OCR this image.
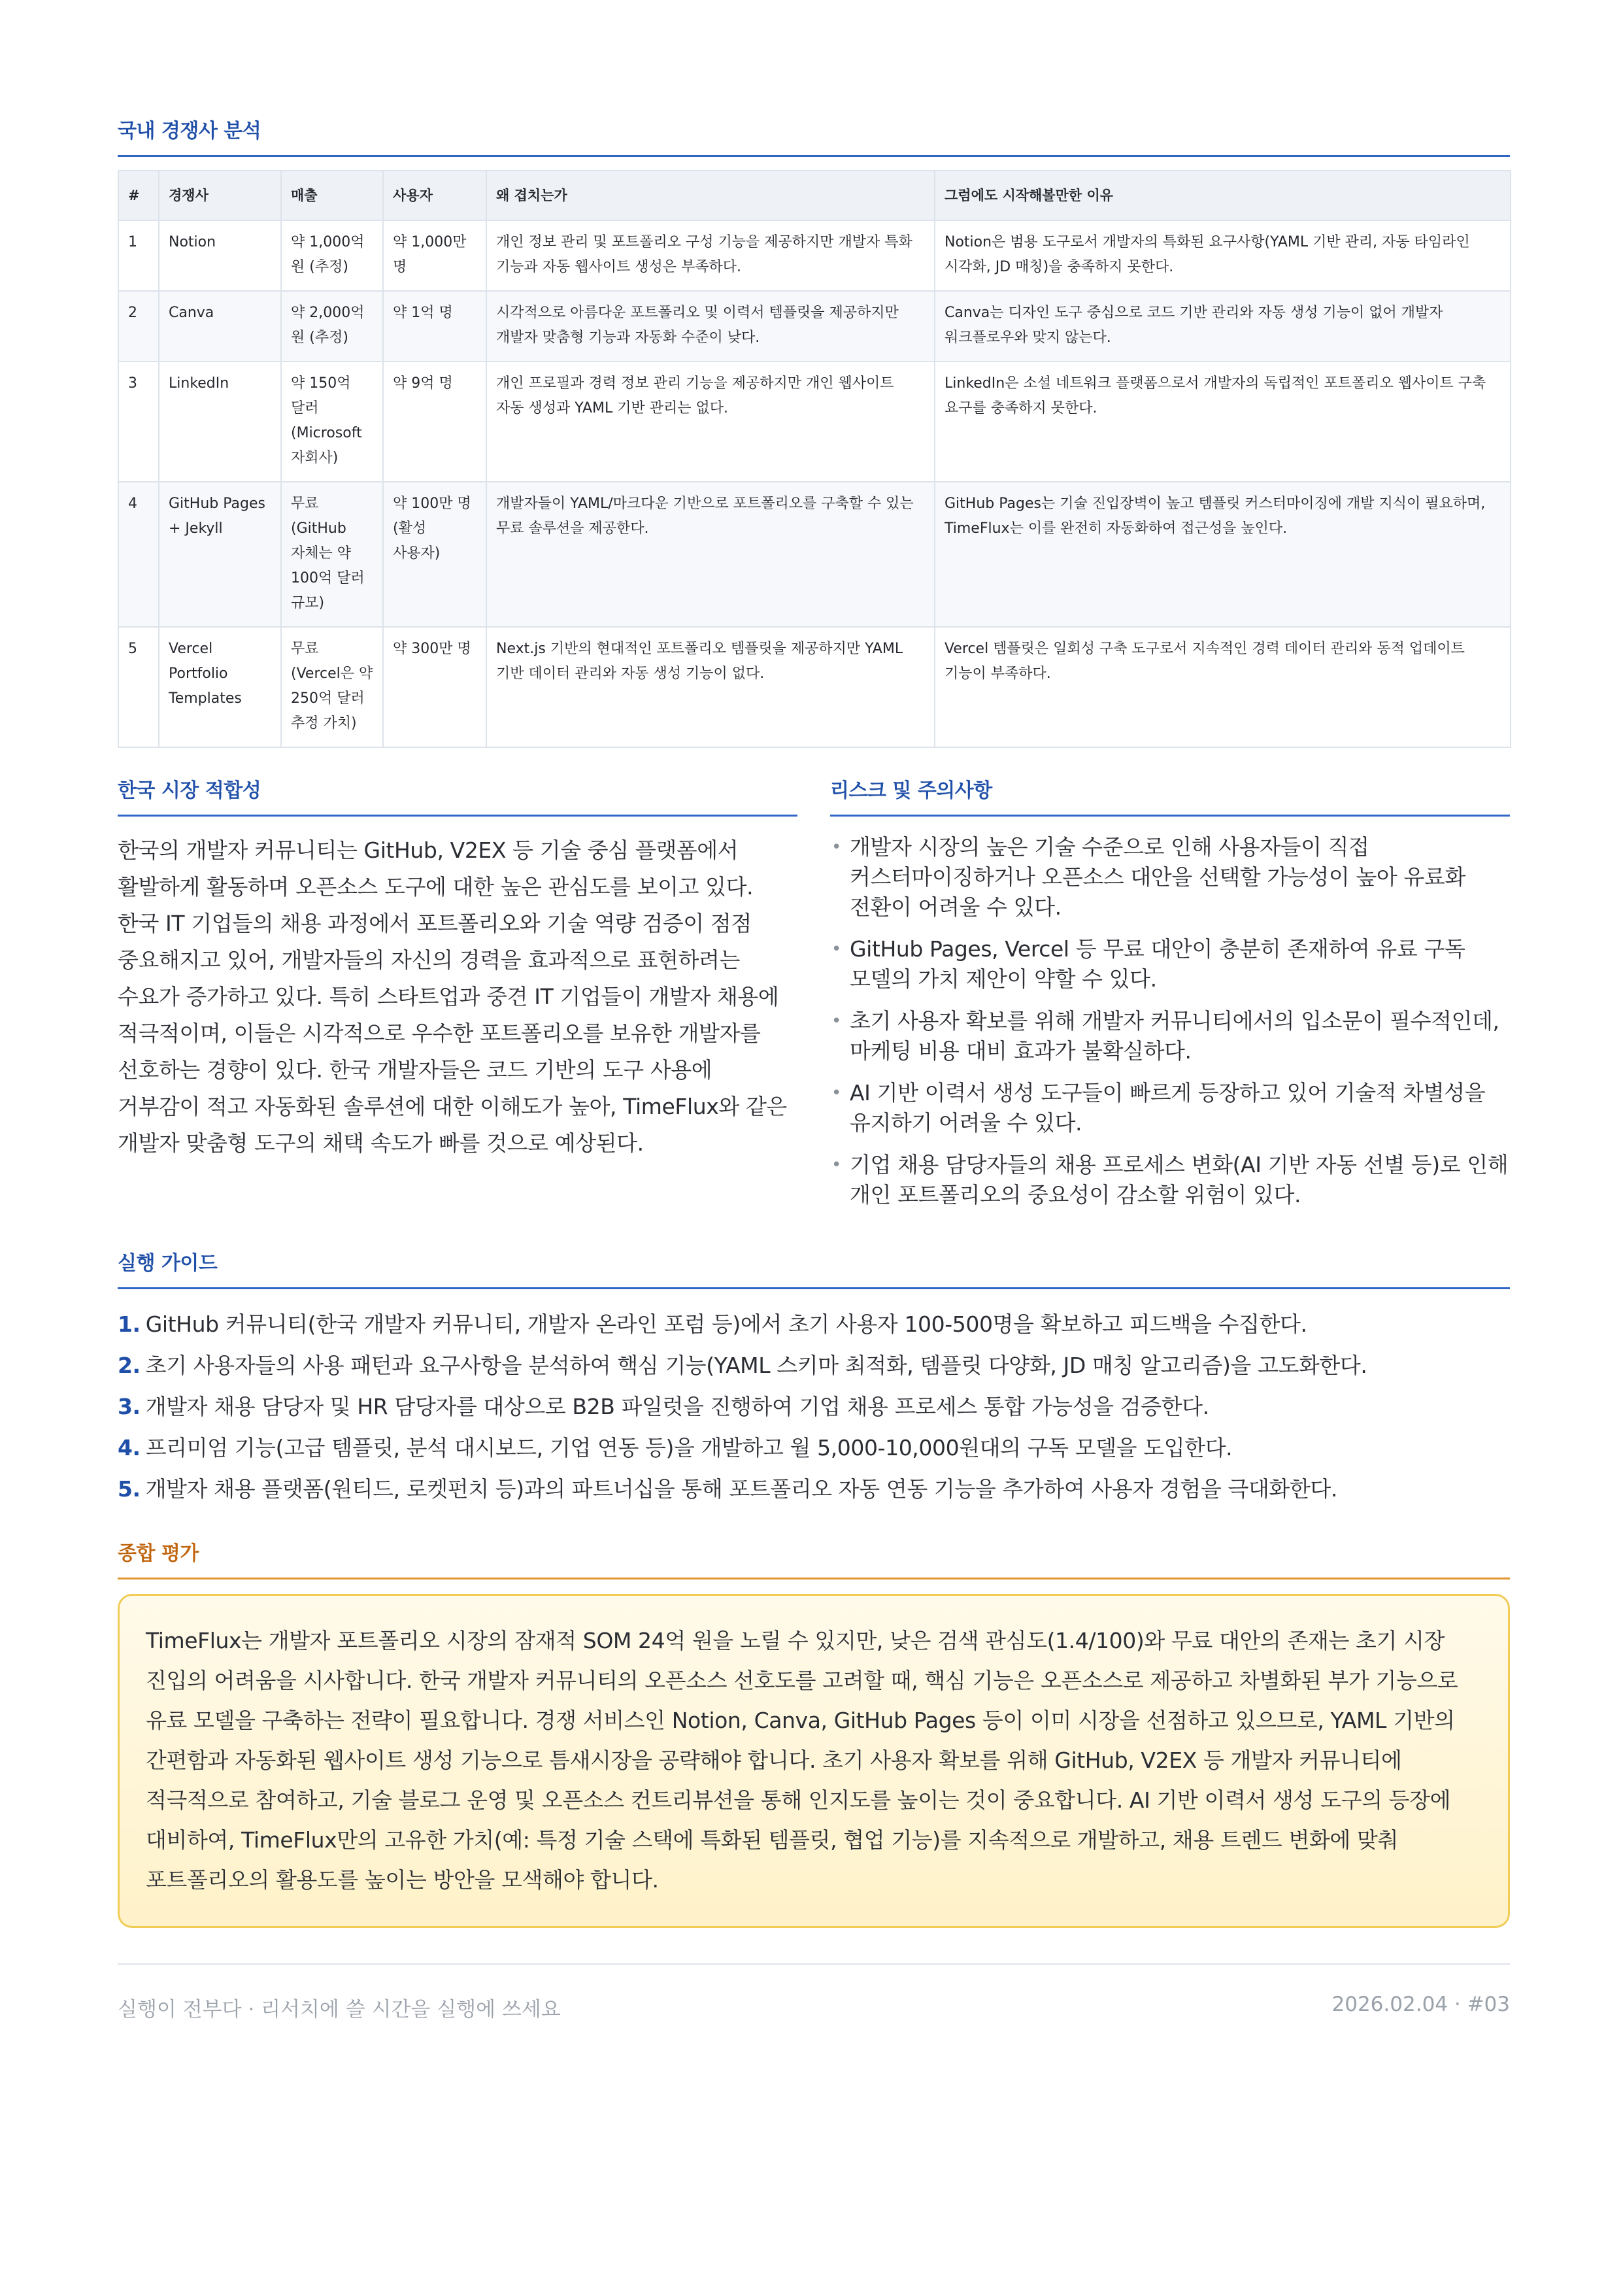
국내 경쟁사 분석
#	경쟁사	매출	사용자	왜 겹치는가	그럼에도 시작해볼만한 이유
1	Notion	약 1,000억 원 (추정)	약 1,000만 명	개인 정보 관리 및 포트폴리오 구성 기능을 제공하지만 개발자 특화 기능과 자동 웹사이트 생성은 부족하다.	Notion은 범용 도구로서 개발자의 특화된 요구사항(YAML 기반 관리, 자동 타임라인 시각화, JD 매칭)을 충족하지 못한다.
2	Canva	약 2,000억 원 (추정)	약 1억 명	시각적으로 아름다운 포트폴리오 및 이력서 템플릿을 제공하지만 개발자 맞춤형 기능과 자동화 수준이 낮다.	Canva는 디자인 도구 중심으로 코드 기반 관리와 자동 생성 기능이 없어 개발자 워크플로우와 맞지 않는다.
3	LinkedIn	약 150억 달러 (Microsoft 자회사)	약 9억 명	개인 프로필과 경력 정보 관리 기능을 제공하지만 개인 웹사이트 자동 생성과 YAML 기반 관리는 없다.	LinkedIn은 소셜 네트워크 플랫폼으로서 개발자의 독립적인 포트폴리오 웹사이트 구축 요구를 충족하지 못한다.
4	GitHub Pages + Jekyll	무료 (GitHub 자체는 약 100억 달러 규모)	약 100만 명 (활성 사용자)	개발자들이 YAML/마크다운 기반으로 포트폴리오를 구축할 수 있는 무료 솔루션을 제공한다.	GitHub Pages는 기술 진입장벽이 높고 템플릿 커스터마이징에 개발 지식이 필요하며, TimeFlux는 이를 완전히 자동화하여 접근성을 높인다.
5	Vercel Portfolio Templates	무료 (Vercel은 약 250억 달러 추정 가치)	약 300만 명	Next.js 기반의 현대적인 포트폴리오 템플릿을 제공하지만 YAML 기반 데이터 관리와 자동 생성 기능이 없다.	Vercel 템플릿은 일회성 구축 도구로서 지속적인 경력 데이터 관리와 동적 업데이트 기능이 부족하다.
한국 시장 적합성
한국의 개발자 커뮤니티는 GitHub, V2EX 등 기술 중심 플랫폼에서 활발하게 활동하며 오픈소스 도구에 대한 높은 관심도를 보이고 있다. 한국 IT 기업들의 채용 과정에서 포트폴리오와 기술 역량 검증이 점점 중요해지고 있어, 개발자들의 자신의 경력을 효과적으로 표현하려는 수요가 증가하고 있다. 특히 스타트업과 중견 IT 기업들이 개발자 채용에 적극적이며, 이들은 시각적으로 우수한 포트폴리오를 보유한 개발자를 선호하는 경향이 있다. 한국 개발자들은 코드 기반의 도구 사용에 거부감이 적고 자동화된 솔루션에 대한 이해도가 높아, TimeFlux와 같은 개발자 맞춤형 도구의 채택 속도가 빠를 것으로 예상된다.
리스크 및 주의사항
• 개발자 시장의 높은 기술 수준으로 인해 사용자들이 직접 커스터마이징하거나 오픈소스 대안을 선택할 가능성이 높아 유료화 전환이 어려울 수 있다.
• GitHub Pages, Vercel 등 무료 대안이 충분히 존재하여 유료 구독 모델의 가치 제안이 약할 수 있다.
• 초기 사용자 확보를 위해 개발자 커뮤니티에서의 입소문이 필수적인데, 마케팅 비용 대비 효과가 불확실하다.
• AI 기반 이력서 생성 도구들이 빠르게 등장하고 있어 기술적 차별성을 유지하기 어려울 수 있다.
• 기업 채용 담당자들의 채용 프로세스 변화(AI 기반 자동 선별 등)로 인해 개인 포트폴리오의 중요성이 감소할 위험이 있다.
실행 가이드
1. GitHub 커뮤니티(한국 개발자 커뮤니티, 개발자 온라인 포럼 등)에서 초기 사용자 100-500명을 확보하고 피드백을 수집한다.
2. 초기 사용자들의 사용 패턴과 요구사항을 분석하여 핵심 기능(YAML 스키마 최적화, 템플릿 다양화, JD 매칭 알고리즘)을 고도화한다.
3. 개발자 채용 담당자 및 HR 담당자를 대상으로 B2B 파일럿을 진행하여 기업 채용 프로세스 통합 가능성을 검증한다.
4. 프리미엄 기능(고급 템플릿, 분석 대시보드, 기업 연동 등)을 개발하고 월 5,000-10,000원대의 구독 모델을 도입한다.
5. 개발자 채용 플랫폼(원티드, 로켓펀치 등)과의 파트너십을 통해 포트폴리오 자동 연동 기능을 추가하여 사용자 경험을 극대화한다.
종합 평가
TimeFlux는 개발자 포트폴리오 시장의 잠재적 SOM 24억 원을 노릴 수 있지만, 낮은 검색 관심도(1.4/100)와 무료 대안의 존재는 초기 시장 진입의 어려움을 시사합니다. 한국 개발자 커뮤니티의 오픈소스 선호도를 고려할 때, 핵심 기능은 오픈소스로 제공하고 차별화된 부가 기능으로 유료 모델을 구축하는 전략이 필요합니다. 경쟁 서비스인 Notion, Canva, GitHub Pages 등이 이미 시장을 선점하고 있으므로, YAML 기반의 간편함과 자동화된 웹사이트 생성 기능으로 틈새시장을 공략해야 합니다. 초기 사용자 확보를 위해 GitHub, V2EX 등 개발자 커뮤니티에 적극적으로 참여하고, 기술 블로그 운영 및 오픈소스 컨트리뷰션을 통해 인지도를 높이는 것이 중요합니다. AI 기반 이력서 생성 도구의 등장에 대비하여, TimeFlux만의 고유한 가치(예: 특정 기술 스택에 특화된 템플릿, 협업 기능)를 지속적으로 개발하고, 채용 트렌드 변화에 맞춰 포트폴리오의 활용도를 높이는 방안을 모색해야 합니다.
실행이 전부다 · 리서치에 쓸 시간을 실행에 쓰세요	2026.02.04 · #03
